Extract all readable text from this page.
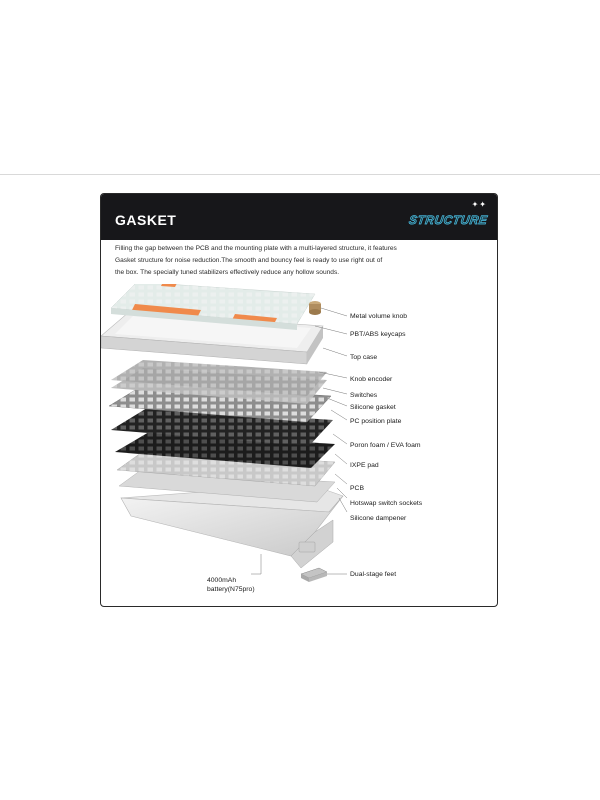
GASKET
✦✦
STRUCTURE
Filling the gap between the PCB and the mounting plate with a multi-layered structure, it features
Gasket structure for noise reduction.The smooth and bouncy feel is ready to use right out of
the box. The specially tuned stabilizers effectively reduce any hollow sounds.
Metal volume knob
PBT/ABS keycaps
Top case
Knob encoder
Switches
Silicone gasket
PC position plate
Poron foam / EVA foam
IXPE pad
PCB
Hotswap switch sockets
Silicone dampener
Dual-stage feet
4000mAh
battery(N75pro)
